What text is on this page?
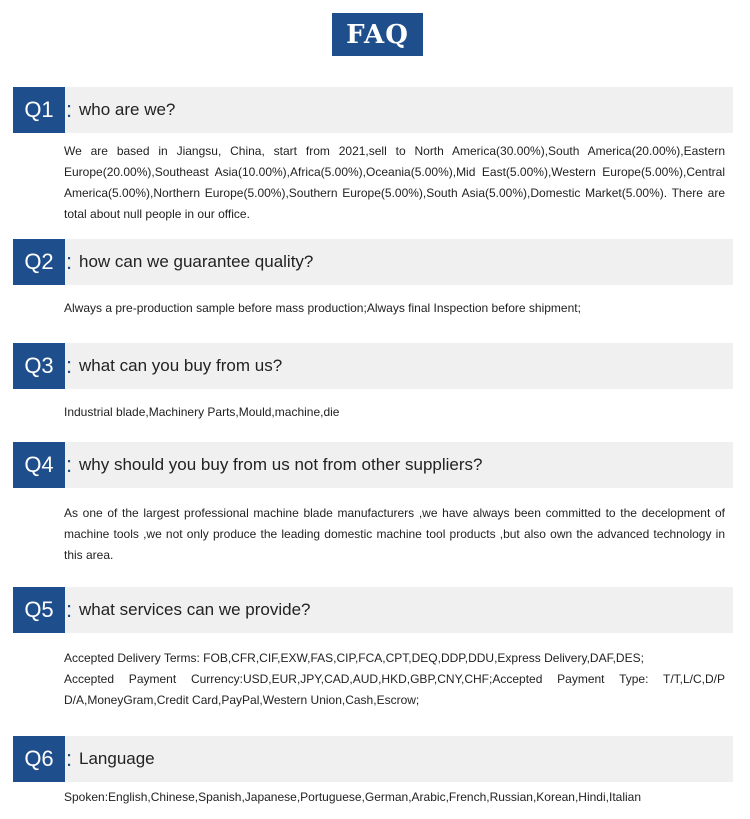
FAQ
Q1 : who are we?

We are based in Jiangsu, China, start from 2021,sell to North America(30.00%),South America(20.00%),Eastern Europe(20.00%),Southeast Asia(10.00%),Africa(5.00%),Oceania(5.00%),Mid East(5.00%),Western Europe(5.00%),Central America(5.00%),Northern Europe(5.00%),Southern Europe(5.00%),South Asia(5.00%),Domestic Market(5.00%). There are total about null people in our office.

Q2 : how can we guarantee quality?

Always a pre-production sample before mass production;Always final Inspection before shipment;

Q3 : what can you buy from us?

Industrial blade,Machinery Parts,Mould,machine,die

Q4 : why should you buy from us not from other suppliers?

As one of the largest professional machine blade manufacturers ,we have always been committed to the decelopment of machine tools ,we not only produce the leading domestic machine tool products ,but also own the advanced technology in this area.

Q5 : what services can we provide?

Accepted Delivery Terms: FOB,CFR,CIF,EXW,FAS,CIP,FCA,CPT,DEQ,DDP,DDU,Express Delivery,DAF,DES;

Accepted Payment Currency:USD,EUR,JPY,CAD,AUD,HKD,GBP,CNY,CHF;Accepted Payment Type: T/T,L/C,D/P D/A,MoneyGram,Credit Card,PayPal,Western Union,Cash,Escrow;

Q6 : Language

Spoken:English,Chinese,Spanish,Japanese,Portuguese,German,Arabic,French,Russian,Korean,Hindi,Italian
